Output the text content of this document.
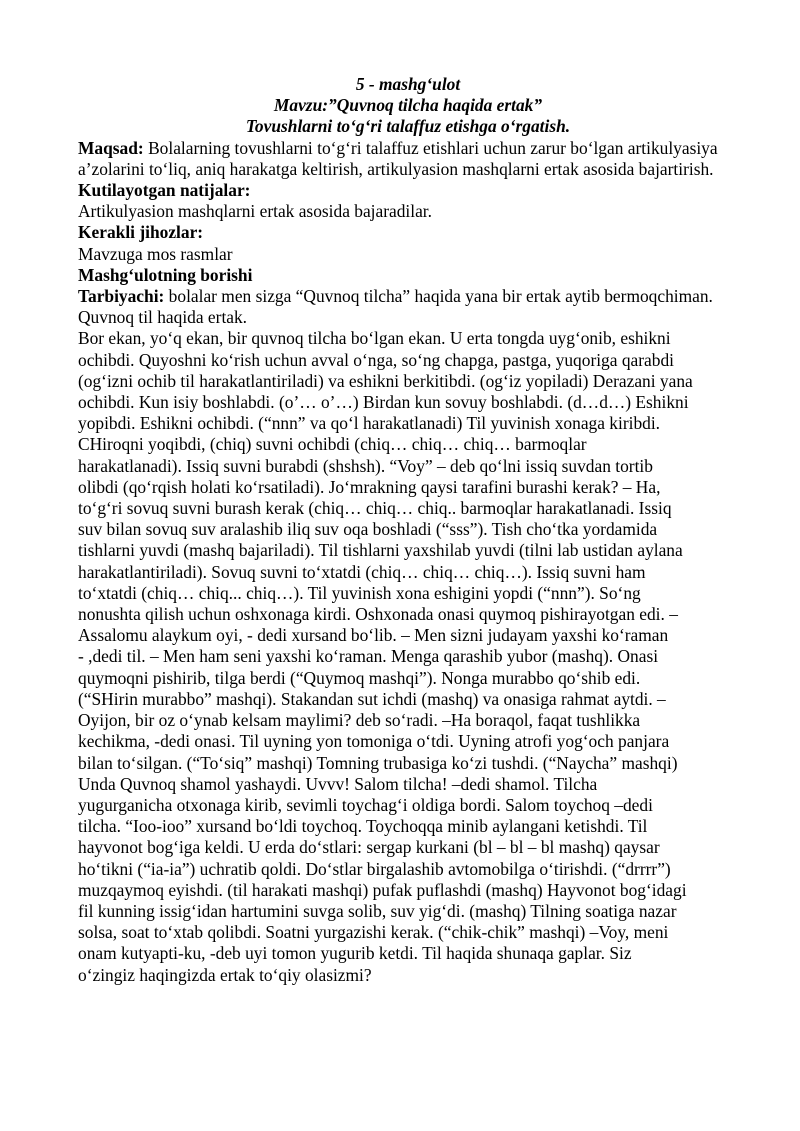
5 - mashg‘ulot
Mavzu:”Quvnoq tilcha haqida ertak”
Tovushlarni to‘g‘ri talaffuz etishga o‘rgatish.

Maqsad: Bolalarning tovushlarni to‘g‘ri talaffuz etishlari uchun zarur bo‘lgan artikulyasiya a’zolarini to‘liq, aniq harakatga keltirish, artikulyasion mashqlarni ertak asosida bajartirish.

Kutilayotgan natijalar:
Artikulyasion mashqlarni ertak asosida bajaradilar.
Kerakli jihozlar:
Mavzuga mos rasmlar
Mashg‘ulotning borishi

Tarbiyachi: bolalar men sizga “Quvnoq tilcha” haqida yana bir ertak aytib bermoqchiman.

Quvnoq til haqida ertak.
Bor ekan, yo‘q ekan, bir quvnoq tilcha bo‘lgan ekan. U erta tongda uyg‘onib, eshikni
ochibdi. Quyoshni ko‘rish uchun avval o‘nga, so‘ng chapga, pastga, yuqoriga qarabdi
(og‘izni ochib til harakatlantiriladi) va eshikni berkitibdi. (og‘iz yopiladi) Derazani yana
ochibdi. Kun isiy boshlabdi. (o’… o’…) Birdan kun sovuy boshlabdi. (d…d…) Eshikni
yopibdi. Eshikni ochibdi. (“nnn” va qo‘l harakatlanadi) Til yuvinish xonaga kiribdi.
CHiroqni yoqibdi, (chiq) suvni ochibdi (chiq… chiq… chiq… barmoqlar
harakatlanadi). Issiq suvni burabdi (shshsh). “Voy” – deb qo‘lni issiq suvdan tortib
olibdi (qo‘rqish holati ko‘rsatiladi). Jo‘mrakning qaysi tarafini burashi kerak? – Ha,
to‘g‘ri sovuq suvni burash kerak (chiq… chiq… chiq.. barmoqlar harakatlanadi. Issiq
suv bilan sovuq suv aralashib iliq suv oqa boshladi (“sss”). Tish cho‘tka yordamida
tishlarni yuvdi (mashq bajariladi). Til tishlarni yaxshilab yuvdi (tilni lab ustidan aylana
harakatlantiriladi). Sovuq suvni to‘xtatdi (chiq… chiq… chiq…). Issiq suvni ham
to‘xtatdi (chiq… chiq... chiq…). Til yuvinish xona eshigini yopdi (“nnn”). So‘ng
nonushta qilish uchun oshxonaga kirdi. Oshxonada onasi quymoq pishirayotgan edi. –
Assalomu alaykum oyi, - dedi xursand bo‘lib. – Men sizni judayam yaxshi ko‘raman
- ,dedi til. – Men ham seni yaxshi ko‘raman. Menga qarashib yubor (mashq). Onasi
quymoqni pishirib, tilga berdi (“Quymoq mashqi”). Nonga murabbo qo‘shib edi.
(“SHirin murabbo” mashqi). Stakandan sut ichdi (mashq) va onasiga rahmat aytdi. –
Oyijon, bir oz o‘ynab kelsam maylimi? deb so‘radi. –Ha boraqol, faqat tushlikka
kechikma, -dedi onasi. Til uyning yon tomoniga o‘tdi. Uyning atrofi yog‘och panjara
bilan to‘silgan. (“To‘siq” mashqi) Tomning trubasiga ko‘zi tushdi. (“Naycha” mashqi)
Unda Quvnoq shamol yashaydi. Uvvv! Salom tilcha! –dedi shamol. Tilcha
yugurganicha otxonaga kirib, sevimli toychag‘i oldiga bordi. Salom toychoq –dedi
tilcha. “Ioo-ioo” xursand bo‘ldi toychoq. Toychoqqa minib aylangani ketishdi. Til
hayvonot bog‘iga keldi. U erda do‘stlari: sergap kurkani (bl – bl – bl mashq) qaysar
ho‘tikni (“ia-ia”) uchratib qoldi. Do‘stlar birgalashib avtomobilga o‘tirishdi. (“drrrr”)
muzqaymoq eyishdi. (til harakati mashqi) pufak puflashdi (mashq) Hayvonot bog‘idagi
fil kunning issig‘idan hartumini suvga solib, suv yig‘di. (mashq) Tilning soatiga nazar
solsa, soat to‘xtab qolibdi. Soatni yurgazishi kerak. (“chik-chik” mashqi) –Voy, meni
onam kutyapti-ku, -deb uyi tomon yugurib ketdi. Til haqida shunaqa gaplar. Siz
o‘zingiz haqingizda ertak to‘qiy olasizmi?
